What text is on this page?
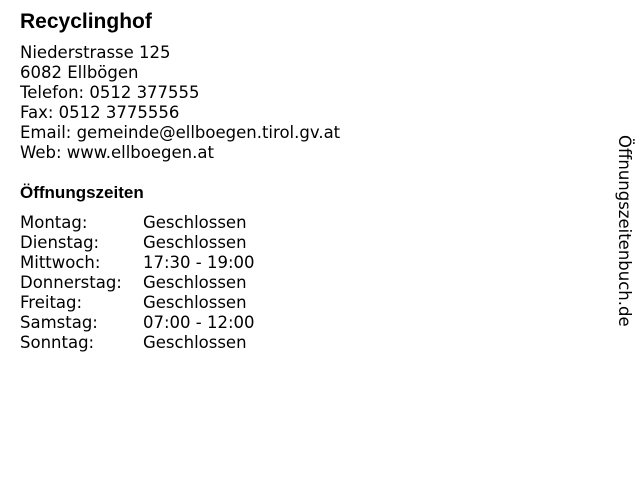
Recyclinghof
Niederstrasse 125
6082 Ellbögen
Telefon: 0512 377555
Fax: 0512 3775556
Email: gemeinde@ellboegen.tirol.gv.at
Web: www.ellboegen.at
Öffnungszeiten
Montag:	Geschlossen
Dienstag:	Geschlossen
Mittwoch:	17:30 - 19:00
Donnerstag:	Geschlossen
Freitag:	Geschlossen
Samstag:	07:00 - 12:00
Sonntag:	Geschlossen
Öffnungszeitenbuch.de
